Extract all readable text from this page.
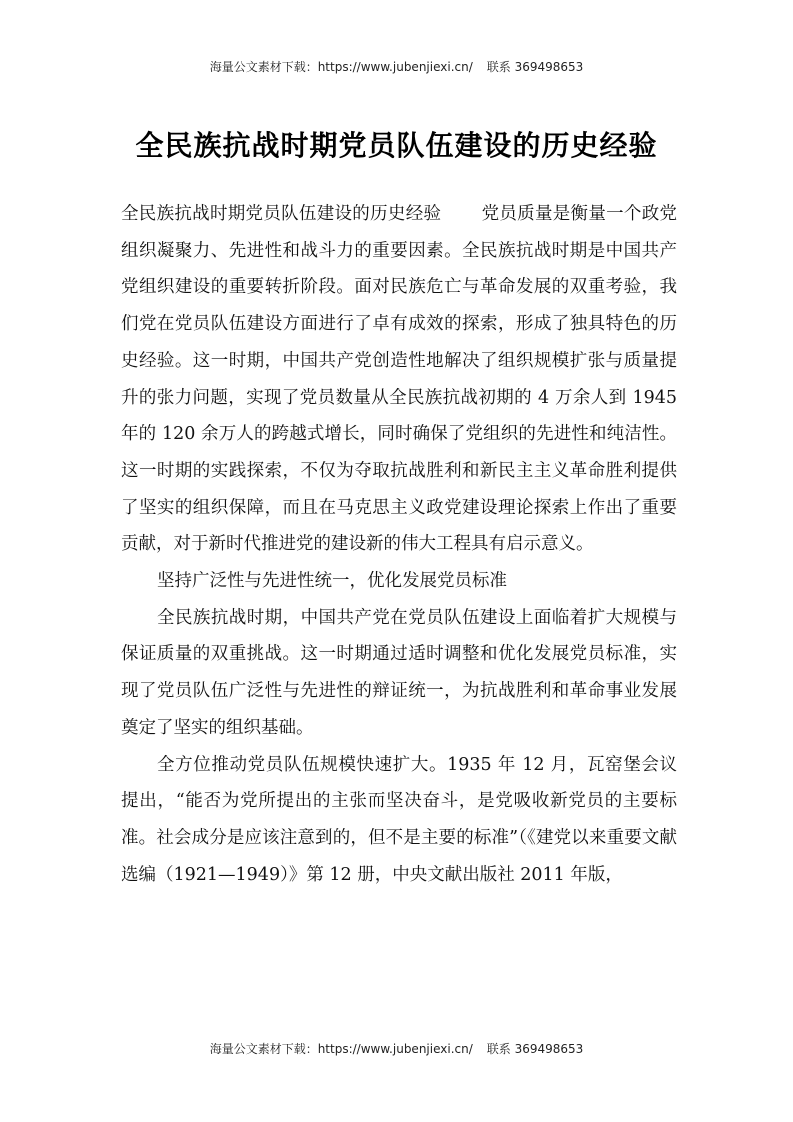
海量公文素材下载：https://www.jubenjiexi.cn/ 联系 369498653
全民族抗战时期党员队伍建设的历史经验

全民族抗战时期党员队伍建设的历史经验 党员质量是衡量一个政党组织凝聚力、先进性和战斗力的重要因素。全民族抗战时期是中国共产党组织建设的重要转折阶段。面对民族危亡与革命发展的双重考验，我们党在党员队伍建设方面进行了卓有成效的探索，形成了独具特色的历史经验。这一时期，中国共产党创造性地解决了组织规模扩张与质量提升的张力问题，实现了党员数量从全民族抗战初期的 4 万余人到 1945 年的 120 余万人的跨越式增长，同时确保了党组织的先进性和纯洁性。这一时期的实践探索，不仅为夺取抗战胜利和新民主主义革命胜利提供了坚实的组织保障，而且在马克思主义政党建设理论探索上作出了重要贡献，对于新时代推进党的建设新的伟大工程具有启示意义。

坚持广泛性与先进性统一，优化发展党员标准

全民族抗战时期，中国共产党在党员队伍建设上面临着扩大规模与保证质量的双重挑战。这一时期通过适时调整和优化发展党员标准，实现了党员队伍广泛性与先进性的辩证统一，为抗战胜利和革命事业发展奠定了坚实的组织基础。

全方位推动党员队伍规模快速扩大。1935 年 12 月，瓦窑堡会议提出，“能否为党所提出的主张而坚决奋斗，是党吸收新党员的主要标准。社会成分是应该注意到的，但不是主要的标准”（《建党以来重要文献选编（1921—1949）》第 12 册，中央文献出版社 2011 年版，

海量公文素材下载：https://www.jubenjiexi.cn/ 联系 369498653
